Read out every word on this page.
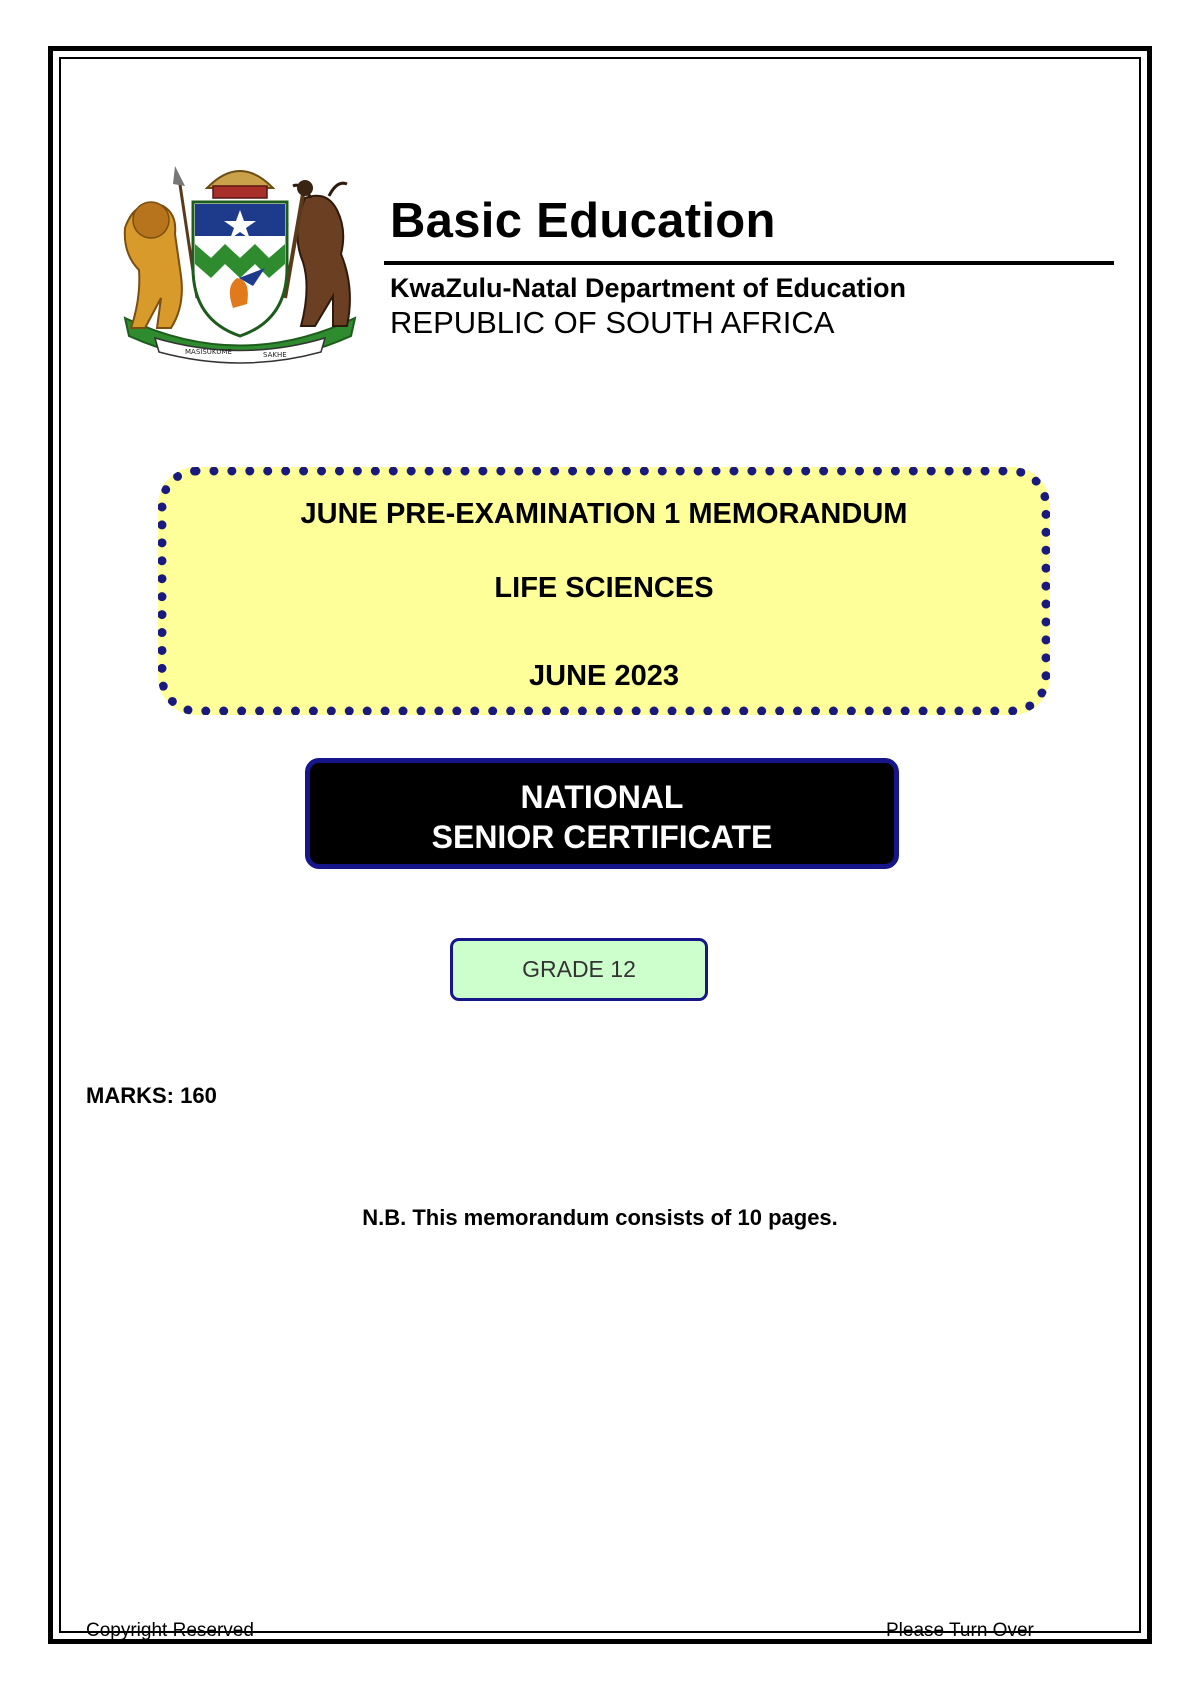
MASISUKUME	SAKHE
Basic Education
KwaZulu-Natal Department of Education
REPUBLIC OF SOUTH AFRICA
JUNE PRE-EXAMINATION 1 MEMORANDUM
LIFE SCIENCES
JUNE 2023
NATIONAL
SENIOR CERTIFICATE
GRADE 12
MARKS: 160
N.B. This memorandum consists of 10 pages.
Copyright Reserved	Please Turn Over
